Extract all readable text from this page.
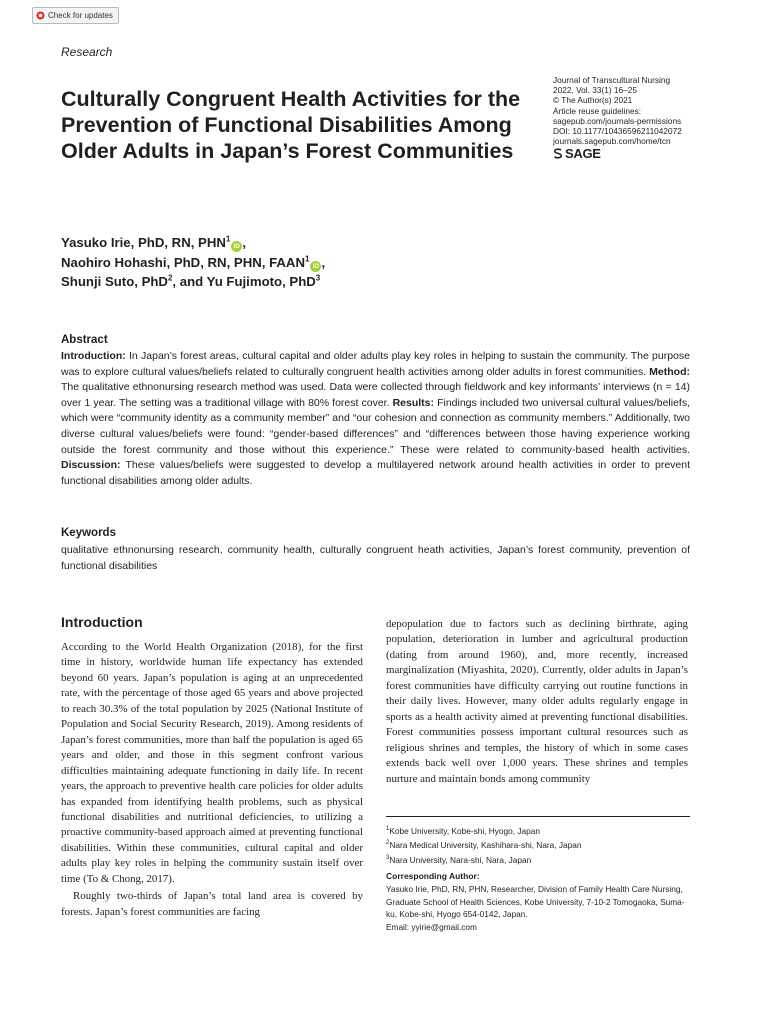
Check for updates
Research
Culturally Congruent Health Activities for the Prevention of Functional Disabilities Among Older Adults in Japan’s Forest Communities
Journal of Transcultural Nursing
2022, Vol. 33(1) 16–25
© The Author(s) 2021
Article reuse guidelines:
sagepub.com/journals-permissions
DOI: 10.1177/10436596211042072
journals.sagepub.com/home/tcn
SAGE
Yasuko Irie, PhD, RN, PHN$^1$iD ,
Naohiro Hohashi, PhD, RN, PHN, FAAN$^1$iD ,
Shunji Suto, PhD$^2$, and Yu Fujimoto, PhD$^3$
Abstract

Introduction: In Japan’s forest areas, cultural capital and older adults play key roles in helping to sustain the community. The purpose was to explore cultural values/beliefs related to culturally congruent health activities among older adults in forest communities. Method: The qualitative ethnonursing research method was used. Data were collected through fieldwork and key informants’ interviews (n = 14) over 1 year. The setting was a traditional village with 80% forest cover. Results: Findings included two universal cultural values/beliefs, which were “community identity as a community member” and “our cohesion and connection as community members.” Additionally, two diverse cultural values/beliefs were found: “gender-based differences” and “differences between those having experience working outside the forest community and those without this experience.” These were related to community-based health activities. Discussion: These values/beliefs were suggested to develop a multilayered network around health activities in order to prevent functional disabilities among older adults.

Keywords

qualitative ethnonursing research, community health, culturally congruent heath activities, Japan’s forest community, prevention of functional disabilities

Introduction

According to the World Health Organization (2018), for the first time in history, worldwide human life expectancy has extended beyond 60 years. Japan’s population is aging at an unprecedented rate, with the percentage of those aged 65 years and above projected to reach 30.3% of the total population by 2025 (National Institute of Population and Social Security Research, 2019). Among residents of Japan’s forest communities, more than half the population is aged 65 years and older, and those in this segment confront various difficulties maintaining adequate functioning in daily life. In recent years, the approach to preventive health care policies for older adults has expanded from identifying health problems, such as physical functional disabilities and nutritional deficiencies, to utilizing a proactive community-based approach aimed at preventing functional disabilities. Within these communities, cultural capital and older adults play key roles in helping the community sustain itself over time (To & Chong, 2017).

Roughly two-thirds of Japan’s total land area is covered by forests. Japan’s forest communities are facing

depopulation due to factors such as declining birthrate, aging population, deterioration in lumber and agricultural production (dating from around 1960), and, more recently, increased marginalization (Miyashita, 2020). Currently, older adults in Japan’s forest communities have difficulty carrying out routine functions in their daily lives. However, many older adults regularly engage in sports as a health activity aimed at preventing functional disabilities. Forest communities possess important cultural resources such as religious shrines and temples, the history of which in some cases extends back well over 1,000 years. These shrines and temples nurture and maintain bonds among community

$^1$Kobe University, Kobe-shi, Hyogo, Japan
$^2$Nara Medical University, Kashihara-shi, Nara, Japan
$^3$Nara University, Nara-shi, Nara, Japan
Corresponding Author:
Yasuko Irie, PhD, RN, PHN, Researcher, Division of Family Health Care Nursing, Graduate School of Health Sciences, Kobe University, 7-10-2 Tomogaoka, Suma-ku, Kobe-shi, Hyogo 654-0142, Japan.
Email: yyirie@gmail.com
